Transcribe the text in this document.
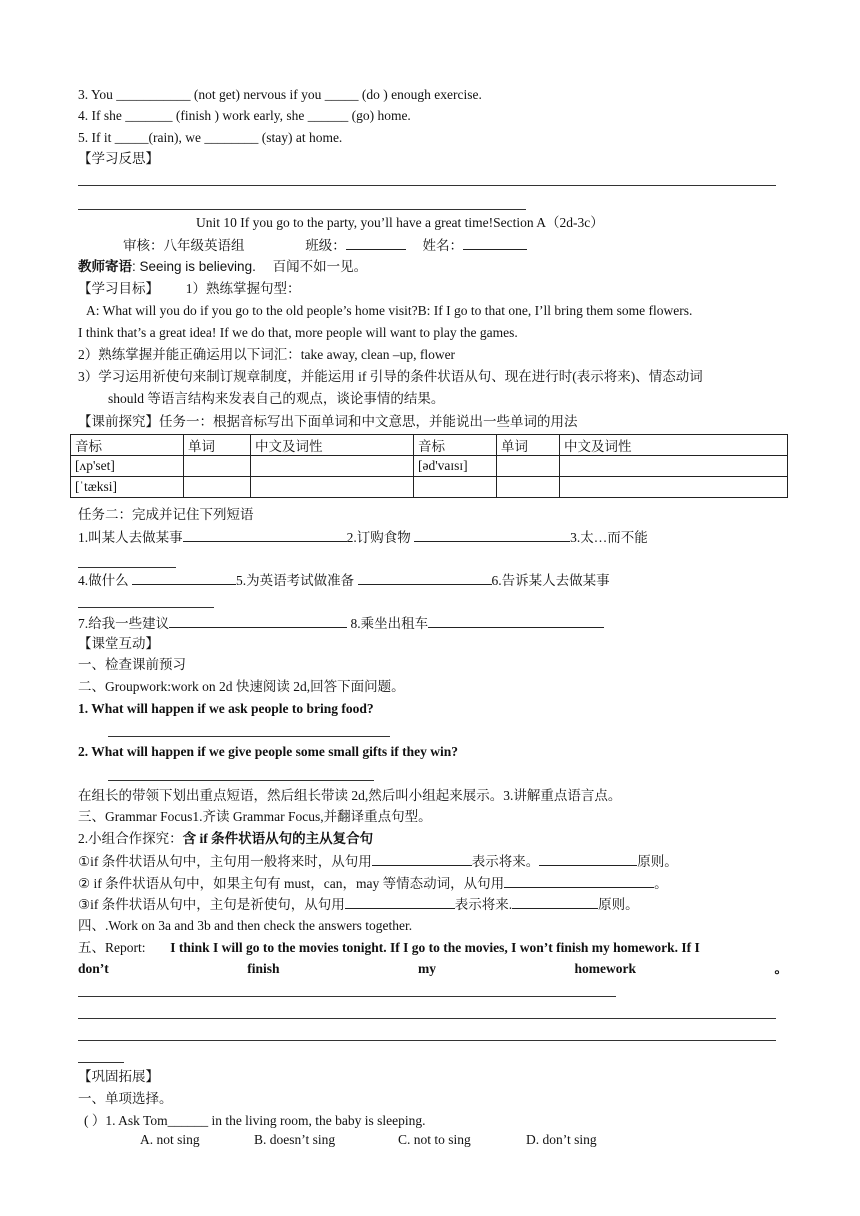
3. You ___________ (not get) nervous if you _____ (do ) enough exercise.
4. If she _______ (finish ) work early, she ______ (go) home.
5. If it _____(rain), we ________ (stay) at home.
【学习反思】
Unit 10 If you go to the party, you’ll have a great time!Section A（2d-3c）
审核：八年级英语组	班级：	姓名：
教师寄语: Seeing is believing. 百闻不如一见。
【学习目标】 1）熟练掌握句型：
A: What will you do if you go to the old people’s home visit?B: If I go to that one, I’ll bring them some flowers.
I think that’s a great idea! If we do that, more people will want to play the games.
2）熟练掌握并能正确运用以下词汇：take away, clean –up, flower
3）学习运用祈使句来制订规章制度，并能运用 if 引导的条件状语从句、现在进行时(表示将来)、情态动词
should 等语言结构来发表自己的观点，谈论事情的结果。
【课前探究】任务一：根据音标写出下面单词和中文意思，并能说出一些单词的用法
音标	单词	中文及词性	音标	单词	中文及词性
[ʌp'set]			[əd'vaɪsɪ]		
[ˈtæksi]					
任务二：完成并记住下列短语
1.叫某人去做某事	2.订购食物	3.太…而不能
4.做什么	5.为英语考试做准备	6.告诉某人去做某事
7.给我一些建议	8.乘坐出租车
【课堂互动】
一、检查课前预习
二、Groupwork:work on 2d 快速阅读 2d,回答下面问题。
1. What will happen if we ask people to bring food?
2. What will happen if we give people some small gifts if they win?
在组长的带领下划出重点短语，然后组长带读 2d,然后叫小组起来展示。3.讲解重点语言点。
三、Grammar Focus1.齐读 Grammar Focus,并翻译重点句型。
2.小组合作探究：含 if 条件状语从句的主从复合句
①if 条件状语从句中，主句用一般将来时，从句用	表示将来。	原则。
② if 条件状语从句中，如果主句有 must，can，may 等情态动词，从句用	。
③if 条件状语从句中，主句是祈使句，从句用	表示将来.	原则。
四、.Work on 3a and 3b and then check the answers together.
五、Report: I think I will go to the movies tonight. If I go to the movies, I won’t finish my homework. If I
don’t	finish	my	homework	。
【巩固拓展】
一、单项选择。
( ）1. Ask Tom______ in the living room, the baby is sleeping.
A. not sing	B. doesn’t sing	C. not to sing	D. don’t sing
